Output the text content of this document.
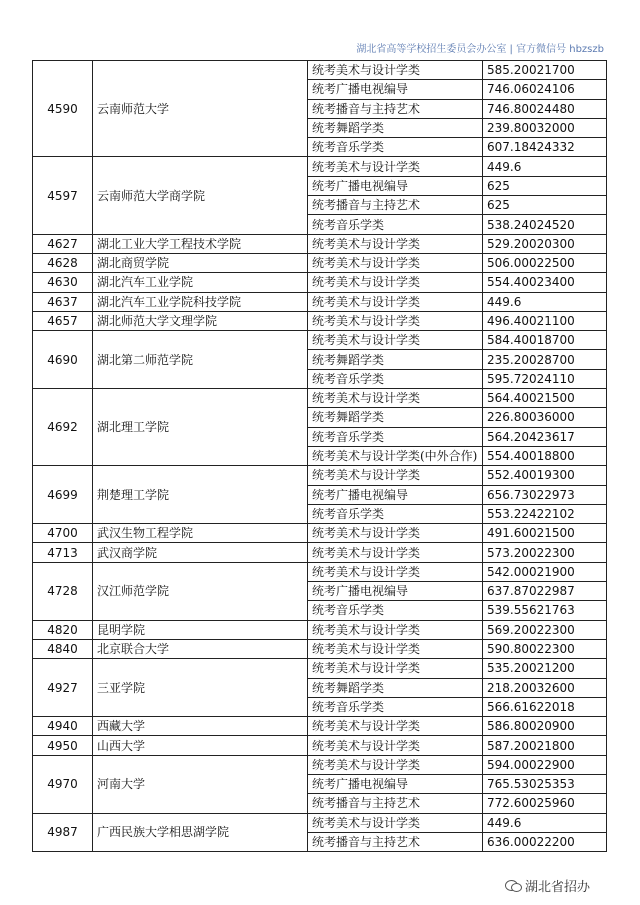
湖北省高等学校招生委员会办公室 | 官方微信号 hbzszb
4590	云南师范大学	统考美术与设计学类	585.20021700
		统考广播电视编导	746.06024106
		统考播音与主持艺术	746.80024480
		统考舞蹈学类	239.80032000
		统考音乐学类	607.18424332
4597	云南师范大学商学院	统考美术与设计学类	449.6
		统考广播电视编导	625
		统考播音与主持艺术	625
		统考音乐学类	538.24024520
4627	湖北工业大学工程技术学院	统考美术与设计学类	529.20020300
4628	湖北商贸学院	统考美术与设计学类	506.00022500
4630	湖北汽车工业学院	统考美术与设计学类	554.40023400
4637	湖北汽车工业学院科技学院	统考美术与设计学类	449.6
4657	湖北师范大学文理学院	统考美术与设计学类	496.40021100
4690	湖北第二师范学院	统考美术与设计学类	584.40018700
		统考舞蹈学类	235.20028700
		统考音乐学类	595.72024110
4692	湖北理工学院	统考美术与设计学类	564.40021500
		统考舞蹈学类	226.80036000
		统考音乐学类	564.20423617
		统考美术与设计学类(中外合作)	554.40018800
4699	荆楚理工学院	统考美术与设计学类	552.40019300
		统考广播电视编导	656.73022973
		统考音乐学类	553.22422102
4700	武汉生物工程学院	统考美术与设计学类	491.60021500
4713	武汉商学院	统考美术与设计学类	573.20022300
4728	汉江师范学院	统考美术与设计学类	542.00021900
		统考广播电视编导	637.87022987
		统考音乐学类	539.55621763
4820	昆明学院	统考美术与设计学类	569.20022300
4840	北京联合大学	统考美术与设计学类	590.80022300
4927	三亚学院	统考美术与设计学类	535.20021200
		统考舞蹈学类	218.20032600
		统考音乐学类	566.61622018
4940	西藏大学	统考美术与设计学类	586.80020900
4950	山西大学	统考美术与设计学类	587.20021800
4970	河南大学	统考美术与设计学类	594.00022900
		统考广播电视编导	765.53025353
		统考播音与主持艺术	772.60025960
4987	广西民族大学相思湖学院	统考美术与设计学类	449.6
		统考播音与主持艺术	636.00022200
湖北省招办
